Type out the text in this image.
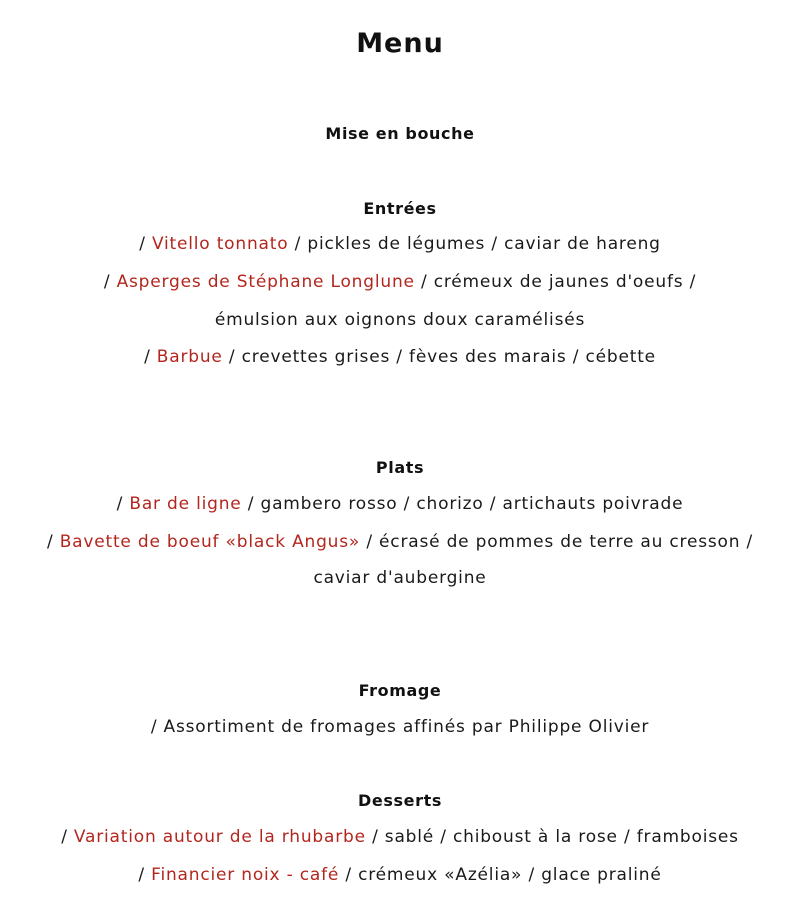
Menu
Mise en bouche
Entrées
/ Vitello tonnato / pickles de légumes / caviar de hareng
/ Asperges de Stéphane Longlune / crémeux de jaunes d'oeufs /
émulsion aux oignons doux caramélisés
/ Barbue / crevettes grises / fèves des marais / cébette
Plats
/ Bar de ligne / gambero rosso / chorizo / artichauts poivrade
/ Bavette de boeuf «black Angus» / écrasé de pommes de terre au cresson /
caviar d'aubergine
Fromage
/ Assortiment de fromages affinés par Philippe Olivier
Desserts
/ Variation autour de la rhubarbe / sablé / chiboust à la rose / framboises
/ Financier noix - café / crémeux «Azélia» / glace praliné
